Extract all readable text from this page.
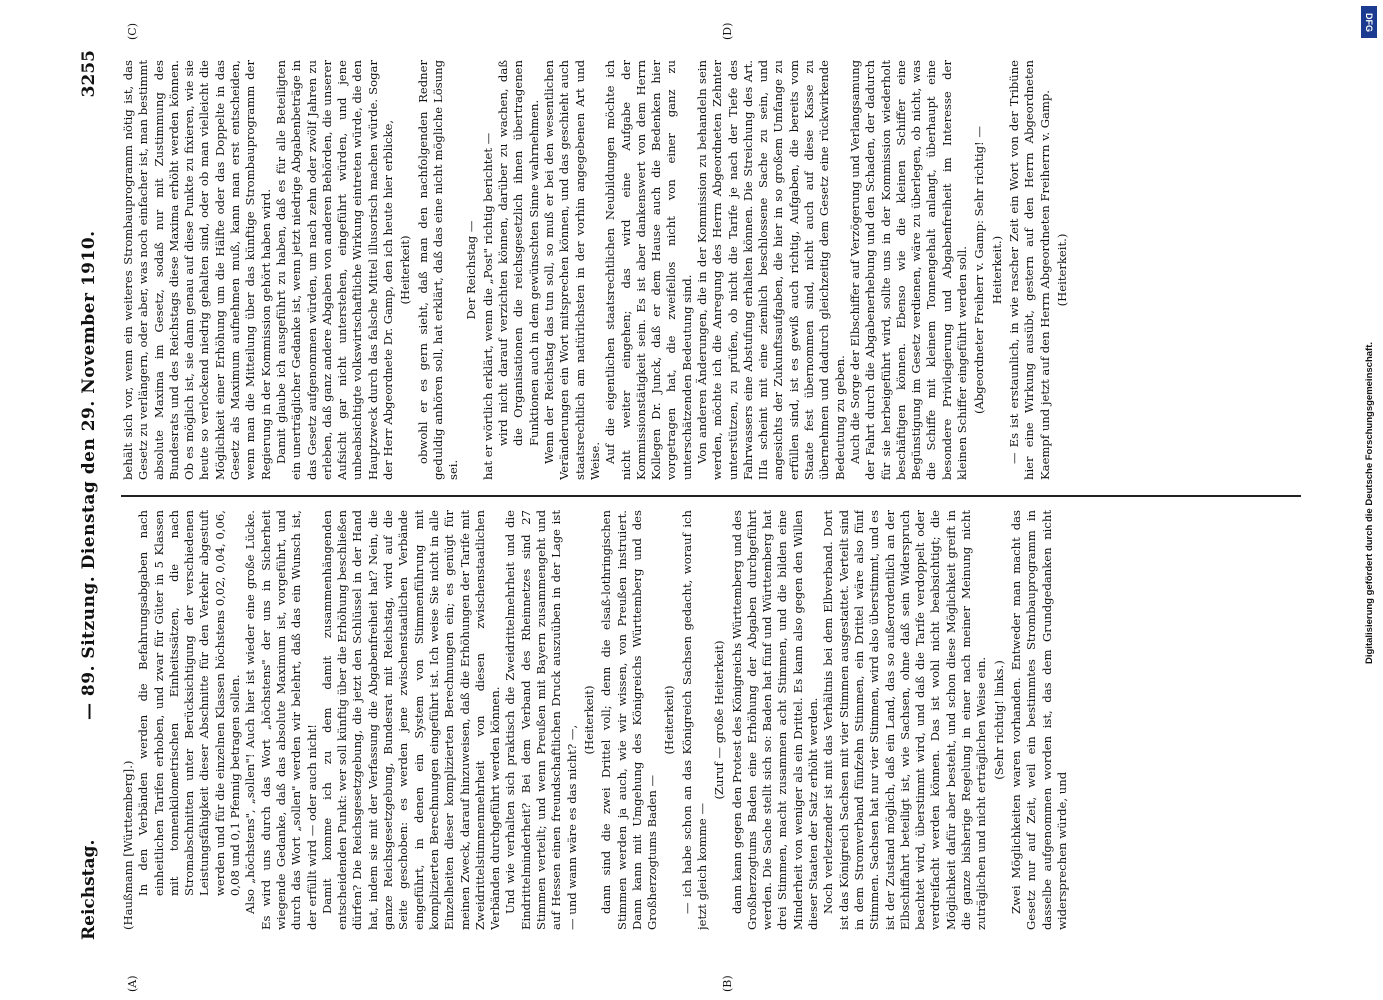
Reichstag.
— 89. Sitzung. Dienstag den 29. November 1910.
3255
(A)	(B)
(C)	(D)

(Haußmann [Württemberg].) In den Verbänden werden die Befahrungsabgaben nach einheitlichen Tarifen erhoben, und zwar für Güter in 5 Klassen mit tonnenkilometrischen Einheitssätzen, die nach Stromabschnitten unter Berücksichtigung der verschiedenen Leistungsfähigkeit dieser Abschnitte für den Verkehr abgestuft werden und für die einzelnen Klassen höchstens 0,02, 0,04, 0,06, 0,08 und 0,1 Pfennig betragen sollen. Also „höchstens", „sollen"! Auch hier ist wieder eine große Lücke. Es wird uns durch das Wort „höchstens" der uns in Sicherheit wiegende Gedanke, daß das absolute Maximum ist, vorgeführt, und durch das Wort „sollen" werden wir belehrt, daß das ein Wunsch ist, der erfüllt wird — oder auch nicht! Damit komme ich zu dem damit zusammenhängenden entscheidenden Punkt: wer soll künftig über die Erhöhung beschließen dürfen? Die Reichsgesetzgebung, die jetzt den Schlüssel in der Hand hat, indem sie mit der Verfassung die Abgabenfreiheit hat? Nein, die ganze Reichsgesetzgebung, Bundesrat mit Reichstag, wird auf die Seite geschoben: es werden jene zwischenstaatlichen Verbände eingeführt, in denen ein System von Stimmenführung mit komplizierten Berechnungen eingeführt ist. Ich weise Sie nicht in alle Einzelheiten dieser komplizierten Berechnungen ein; es genügt für meinen Zweck, darauf hinzuweisen, daß die Erhöhungen der Tarife mit Zweidrittelstimmenmehrheit von diesen zwischenstaatlichen Verbänden durchgeführt werden können. Und wie verhalten sich praktisch die Zweidrittelmehrheit und die Eindrittelminderheit? Bei dem Verband des Rheinnetzes sind 27 Stimmen verteilt; und wenn Preußen mit Bayern zusammengeht und auf Hessen einen freundschaftlichen Druck auszuüben in der Lage ist — und wann wäre es das nicht? —,

(Heiterkeit) dann sind die zwei Drittel voll; denn die elsaß-lothringischen Stimmen werden ja auch, wie wir wissen, von Preußen instruiert. Dann kann mit Umgehung des Königreichs Württemberg und des Großherzogtums Baden —

(Heiterkeit) — ich habe schon an das Königreich Sachsen gedacht, worauf ich jetzt gleich komme —

(Zuruf — große Heiterkeit) dann kann gegen den Protest des Königreichs Württemberg und des Großherzogtums Baden eine Erhöhung der Abgaben durchgeführt werden. Die Sache stellt sich so: Baden hat fünf und Württemberg hat drei Stimmen, macht zusammen acht Stimmen, und die bilden eine Minderheit von weniger als ein Drittel. Es kann also gegen den Willen dieser Staaten der Satz erhöht werden. Noch verletzender ist mit das Verhältnis bei dem Elbverband. Dort ist das Königreich Sachsen mit vier Stimmen ausgestattet. Verteilt sind in dem Stromverband fünfzehn Stimmen, ein Drittel wäre also fünf Stimmen. Sachsen hat nur vier Stimmen, wird also überstimmt, und es ist der Zustand möglich, daß ein Land, das so außerordentlich an der Elbschiffahrt beteiligt ist, wie Sachsen, ohne daß sein Widerspruch beachtet wird, überstimmt wird, und daß die Tarife verdoppelt oder verdreifacht werden können. Das ist wohl nicht beabsichtigt; die Möglichkeit dafür aber besteht, und schon diese Möglichkeit greift in die ganze bisherige Regelung in einer nach meiner Meinung nicht zuträglichen und nicht erträglichen Weise ein. (Sehr richtig! links.) Zwei Möglichkeiten waren vorhanden. Entweder man macht das Gesetz nur auf Zeit, weil ein bestimmtes Strombauprogramm in dasselbe aufgenommen worden ist, das dem Grundgedanken nicht widersprechen würde, und

behält sich vor, wenn ein weiteres Strombauprogramm nötig ist, das Gesetz zu verlängern, oder aber, was noch einfacher ist, man bestimmt absolute Maxima im Gesetz, sodaß nur mit Zustimmung des Bundesrats und des Reichstags diese Maxima erhöht werden können. Ob es möglich ist, sie dann genau auf diese Punkte zu fixieren, wie sie heute so verlockend niedrig gehalten sind, oder ob man vielleicht die Möglichkeit einer Erhöhung um die Hälfte oder das Doppelte in das Gesetz als Maximum aufnehmen muß, kann man erst entscheiden, wenn man die Mitteilung über das künftige Strombauprogramm der Regierung in der Kommission gehört haben wird. Damit glaube ich ausgeführt zu haben, daß es für alle Beteiligten ein unerträglicher Gedanke ist, wenn jetzt niedrige Abgabenbeträge in das Gesetz aufgenommen würden, um nach zehn oder zwölf Jahren zu erleben, daß ganz andere Abgaben von anderen Behörden, die unserer Aufsicht gar nicht unterstehen, eingeführt würden, und jene unbeabsichtigte volkswirtschaftliche Wirkung eintreten würde, die den Hauptzweck durch das falsche Mittel illusorisch machen würde. Sogar der Herr Abgeordnete Dr. Gamp, den ich heute hier erblicke, (Heiterkeit) obwohl er es gern sieht, daß man den nachfolgenden Redner geduldig anhören soll, hat erklärt, daß das eine nicht mögliche Lösung sei.

Der Reichstag — hat er wörtlich erklärt, wenn die „Post" richtig berichtet — wird nicht darauf verzichten können, darüber zu wachen, daß die Organisationen die reichsgesetzlich ihnen übertragenen Funktionen auch in dem gewünschten Sinne wahrnehmen. Wenn der Reichstag das tun soll, so muß er bei den wesentlichen Veränderungen ein Wort mitsprechen können, und das geschieht auch staatsrechtlich am natürlichsten in der vorhin angegebenen Art und Weise. Auf die eigentlichen staatsrechtlichen Neubildungen möchte ich nicht weiter eingehen; das wird eine Aufgabe der Kommissionstätigkeit sein. Es ist aber dankenswert von dem Herrn Kollegen Dr. Junck, daß er dem Hause auch die Bedenken hier vorgetragen hat, die zweifellos nicht von einer ganz zu unterschätzenden Bedeutung sind. Von anderen Änderungen, die in der Kommission zu behandeln sein werden, möchte ich die Anregung des Herrn Abgeordneten Zehnter unterstützen, zu prüfen, ob nicht die Tarife je nach der Tiefe des Fahrwassers eine Abstufung erhalten können. Die Streichung des Art. IIIa scheint mit eine ziemlich beschlossene Sache zu sein, und angesichts der Zukunftsaufgaben, die hier in so großem Umfange zu erfüllen sind, ist es gewiß auch richtig, Aufgaben, die bereits vom Staate fest übernommen sind, nicht auch auf diese Kasse zu übernehmen und dadurch gleichzeitig dem Gesetz eine rückwirkende Bedeutung zu geben. Auch die Sorge der Elbschiffer auf Verzögerung und Verlangsamung der Fahrt durch die Abgabenerhebung und den Schaden, der dadurch für sie herbeigeführt wird, sollte uns in der Kommission wiederholt beschäftigen können. Ebenso wie die kleinen Schiffer eine Begünstigung im Gesetz verdienen, wäre zu überlegen, ob nicht, was die Schiffe mit kleinem Tonnengehalt anlangt, überhaupt eine besondere Privilegierung und Abgabenfreiheit im Interesse der kleinen Schiffer eingeführt werden soll. (Abgeordneter Freiherr v. Gamp: Sehr richtig! — Heiterkeit.) — Es ist erstaunlich, in wie rascher Zeit ein Wort von der Tribüne hier eine Wirkung ausübt, gestern auf den Herrn Abgeordneten Kaempf und jetzt auf den Herrn Abgeordneten Freiherrn v. Gamp. (Heiterkeit.)

DFG
Digitalisierung gefördert durch die Deutsche Forschungsgemeinschaft.
